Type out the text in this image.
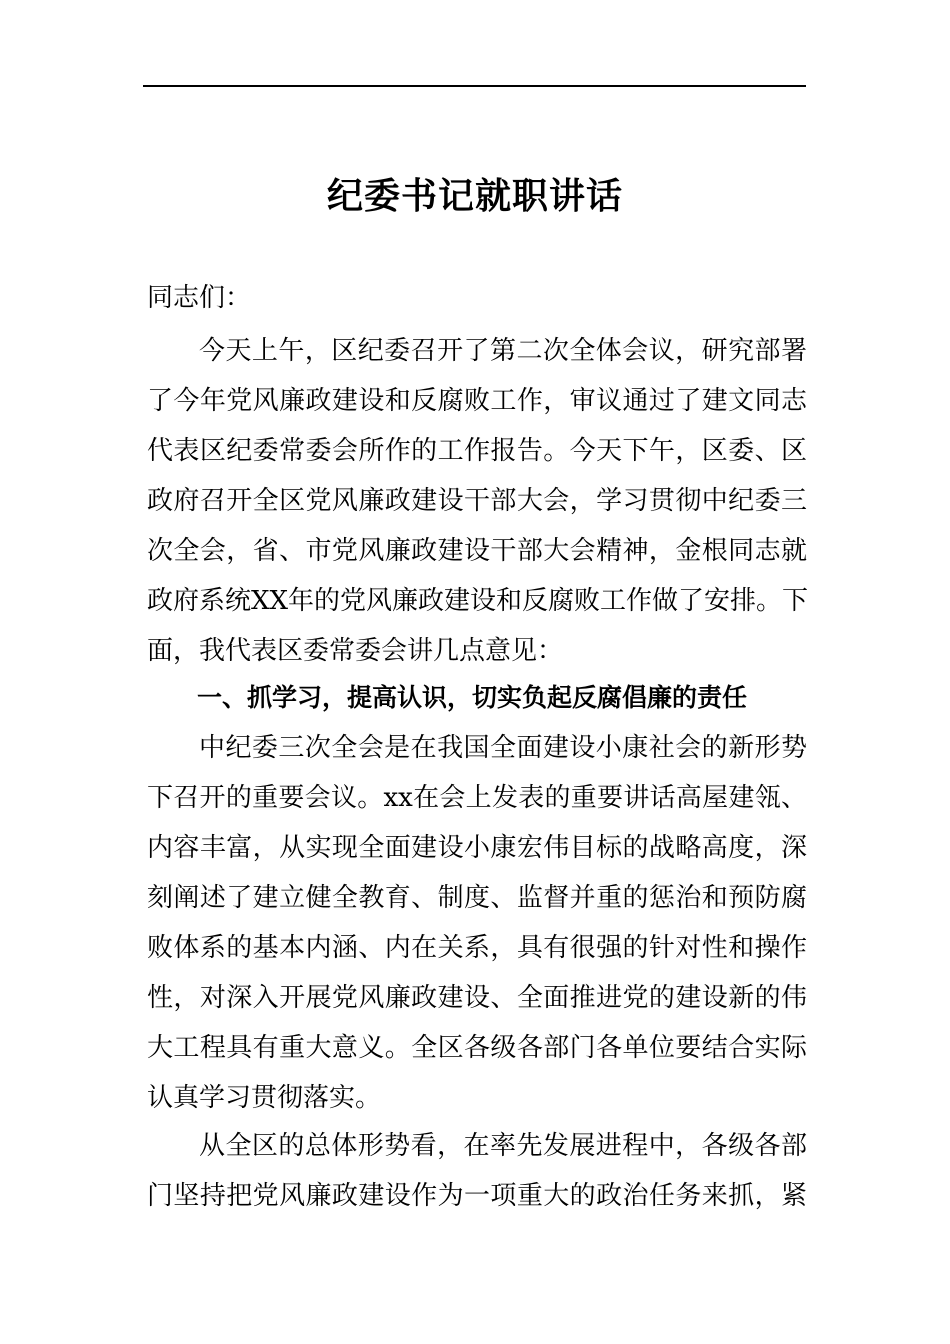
纪委书记就职讲话
同志们：
今天上午，区纪委召开了第二次全体会议，研究部署
了今年党风廉政建设和反腐败工作，审议通过了建文同志
代表区纪委常委会所作的工作报告。今天下午，区委、区
政府召开全区党风廉政建设干部大会，学习贯彻中纪委三
次全会，省、市党风廉政建设干部大会精神，金根同志就
政府系统XX年的党风廉政建设和反腐败工作做了安排。下
面，我代表区委常委会讲几点意见：
一、抓学习，提高认识，切实负起反腐倡廉的责任
中纪委三次全会是在我国全面建设小康社会的新形势
下召开的重要会议。xx在会上发表的重要讲话高屋建瓴、
内容丰富，从实现全面建设小康宏伟目标的战略高度，深
刻阐述了建立健全教育、制度、监督并重的惩治和预防腐
败体系的基本内涵、内在关系，具有很强的针对性和操作
性，对深入开展党风廉政建设、全面推进党的建设新的伟
大工程具有重大意义。全区各级各部门各单位要结合实际
认真学习贯彻落实。
从全区的总体形势看，在率先发展进程中，各级各部
门坚持把党风廉政建设作为一项重大的政治任务来抓，紧
